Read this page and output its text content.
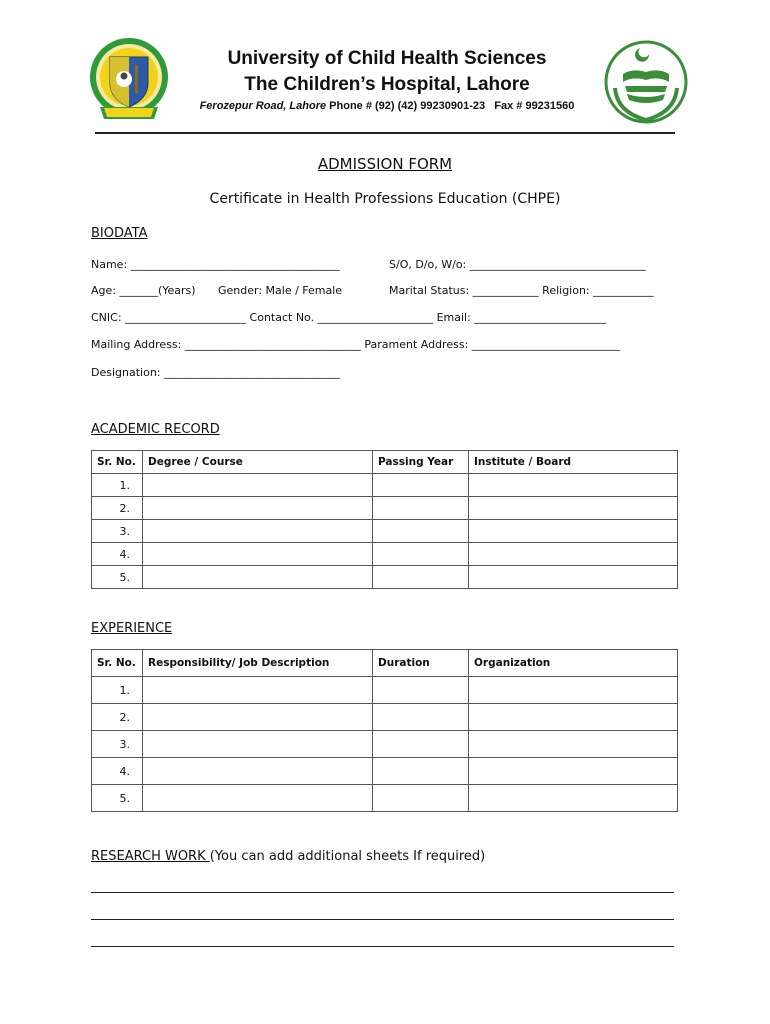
University of Child Health Sciences
The Children’s Hospital, Lahore
Ferozepur Road, Lahore Phone # (92) (42) 99230901-23 Fax # 99231560
ADMISSION FORM
Certificate in Health Professions Education (CHPE)
BIODATA
Name: ______________________________________	S/O, D/o, W/o: ________________________________
Age: _______(Years) Gender: Male / Female	Marital Status: ____________ Religion: ___________
CNIC: ______________________ Contact No. _____________________ Email: ________________________
Mailing Address: ________________________________ Parament Address: ___________________________
Designation: ________________________________
ACADEMIC RECORD
Sr. No.	Degree / Course	Passing Year	Institute / Board
1.			
2.			
3.			
4.			
5.			
EXPERIENCE
Sr. No.	Responsibility/ Job Description	Duration	Organization
1.			
2.			
3.			
4.			
5.			
RESEARCH WORK (You can add additional sheets If required)
